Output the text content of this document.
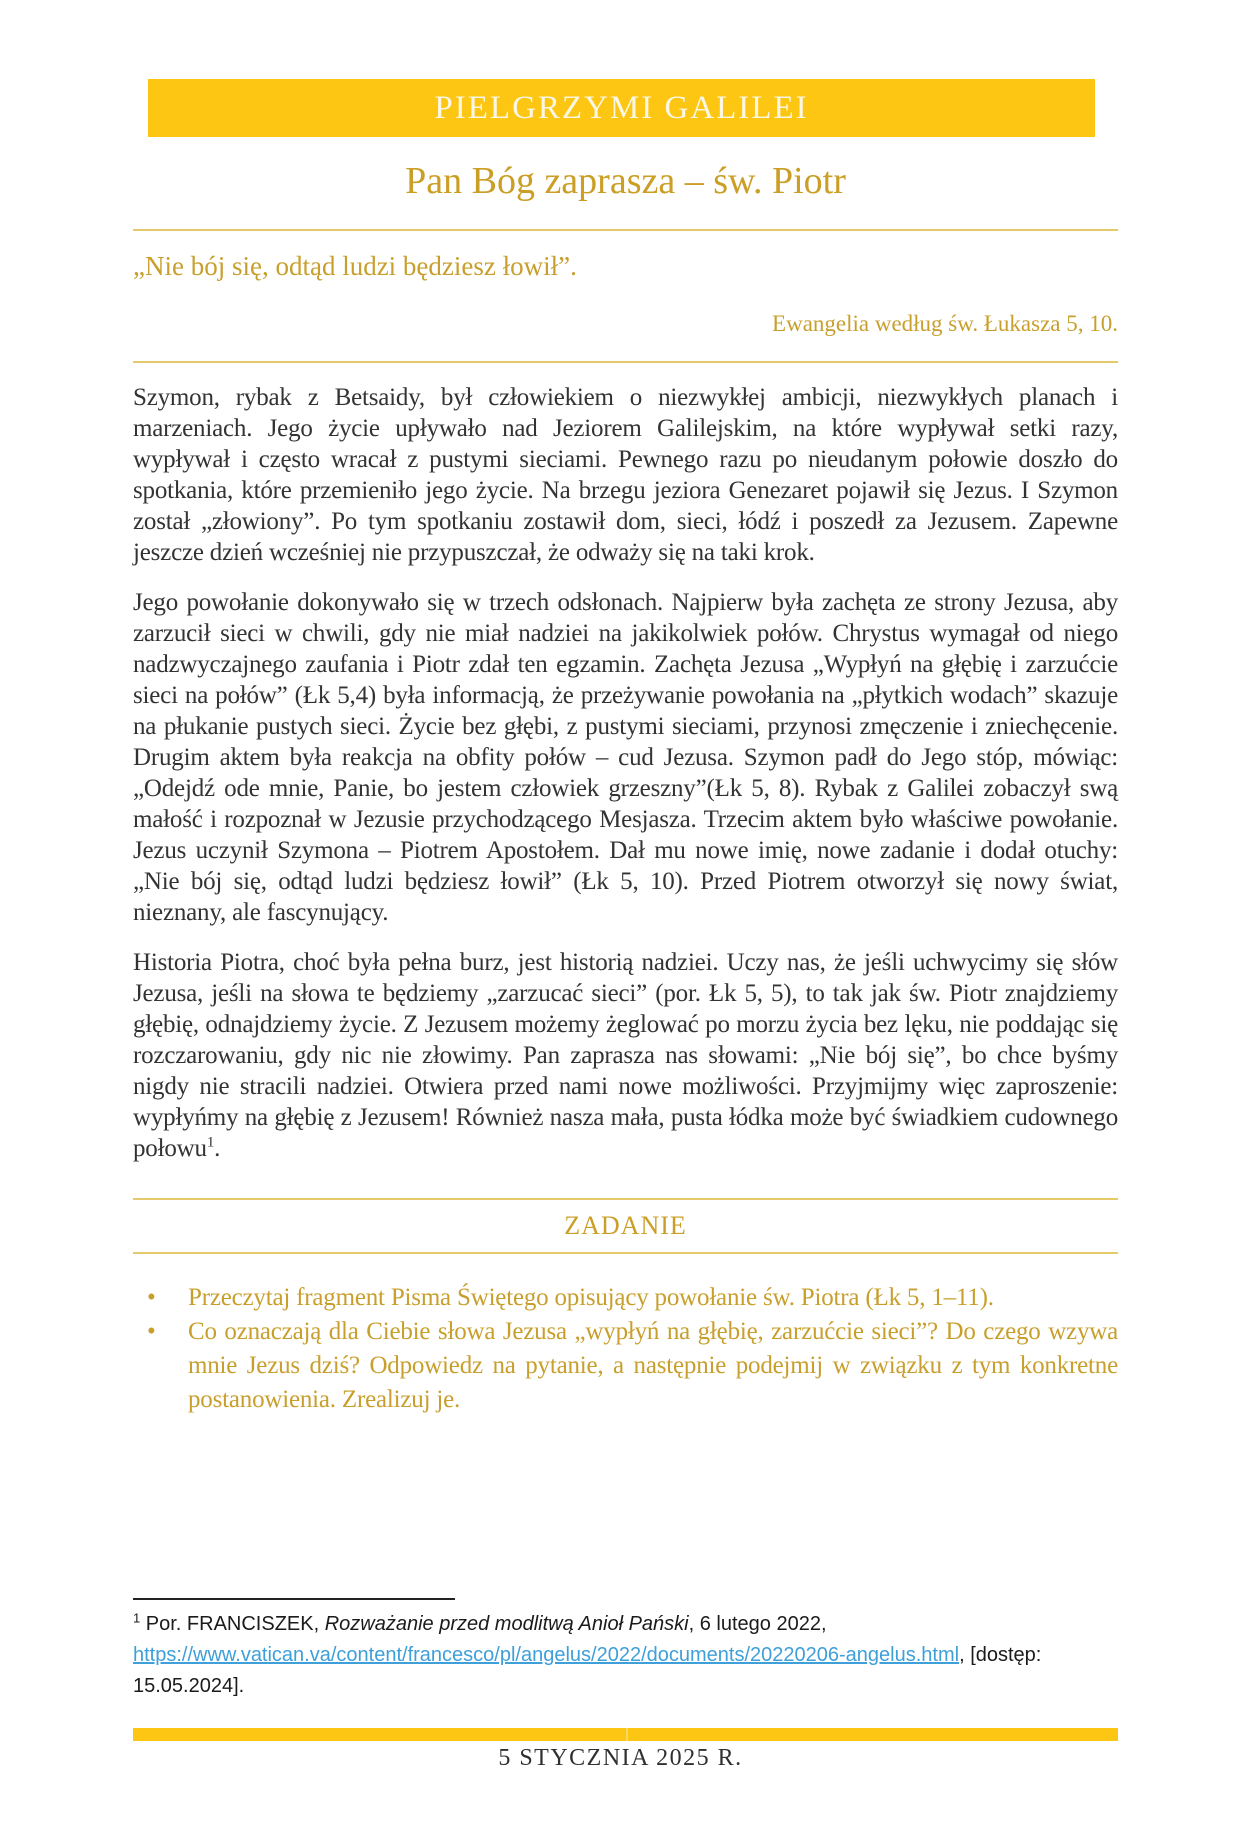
PIELGRZYMI GALILEI
Pan Bóg zaprasza – św. Piotr

„Nie bój się, odtąd ludzi będziesz łowił”.

Ewangelia według św. Łukasza 5, 10.

Szymon, rybak z Betsaidy, był człowiekiem o niezwykłej ambicji, niezwykłych planach i marzeniach. Jego życie upływało nad Jeziorem Galilejskim, na które wypływał setki razy, wypływał i często wracał z pustymi sieciami. Pewnego razu po nieudanym połowie doszło do spotkania, które przemieniło jego życie. Na brzegu jeziora Genezaret pojawił się Jezus. I Szymon został „złowiony”. Po tym spotkaniu zostawił dom, sieci, łódź i poszedł za Jezusem. Zapewne jeszcze dzień wcześniej nie przypuszczał, że odważy się na taki krok.

Jego powołanie dokonywało się w trzech odsłonach. Najpierw była zachęta ze strony Jezusa, aby zarzucił sieci w chwili, gdy nie miał nadziei na jakikolwiek połów. Chrystus wymagał od niego nadzwyczajnego zaufania i Piotr zdał ten egzamin. Zachęta Jezusa „Wypłyń na głębię i zarzućcie sieci na połów” (Łk 5,4) była informacją, że przeżywanie powołania na „płytkich wodach” skazuje na płukanie pustych sieci. Życie bez głębi, z pustymi sieciami, przynosi zmęczenie i zniechęcenie. Drugim aktem była reakcja na obfity połów – cud Jezusa. Szymon padł do Jego stóp, mówiąc: „Odejdź ode mnie, Panie, bo jestem człowiek grzeszny”(Łk 5, 8). Rybak z Galilei zobaczył swą małość i rozpoznał w Jezusie przychodzącego Mesjasza. Trzecim aktem było właściwe powołanie. Jezus uczynił Szymona – Piotrem Apostołem. Dał mu nowe imię, nowe zadanie i dodał otuchy: „Nie bój się, odtąd ludzi będziesz łowił” (Łk 5, 10). Przed Piotrem otworzył się nowy świat, nieznany, ale fascynujący.

Historia Piotra, choć była pełna burz, jest historią nadziei. Uczy nas, że jeśli uchwycimy się słów Jezusa, jeśli na słowa te będziemy „zarzucać sieci” (por. Łk 5, 5), to tak jak św. Piotr znajdziemy głębię, odnajdziemy życie. Z Jezusem możemy żeglować po morzu życia bez lęku, nie poddając się rozczarowaniu, gdy nic nie złowimy. Pan zaprasza nas słowami: „Nie bój się”, bo chce byśmy nigdy nie stracili nadziei. Otwiera przed nami nowe możliwości. Przyjmijmy więc zaproszenie: wypłyńmy na głębię z Jezusem! Również nasza mała, pusta łódka może być świadkiem cudownego połowu$^1$.

ZADANIE
• Przeczytaj fragment Pisma Świętego opisujący powołanie św. Piotra (Łk 5, 1–11).
• Co oznaczają dla Ciebie słowa Jezusa „wypłyń na głębię, zarzućcie sieci”? Do czego wzywa mnie Jezus dziś? Odpowiedz na pytanie, a następnie podejmij w związku z tym konkretne postanowienia. Zrealizuj je.

$^1$ Por. FRANCISZEK, Rozważanie przed modlitwą Anioł Pański, 6 lutego 2022, https://www.vatican.va/content/francesco/pl/angelus/2022/documents/20220206-angelus.html, [dostęp: 15.05.2024].

5 STYCZNIA 2025 R.
